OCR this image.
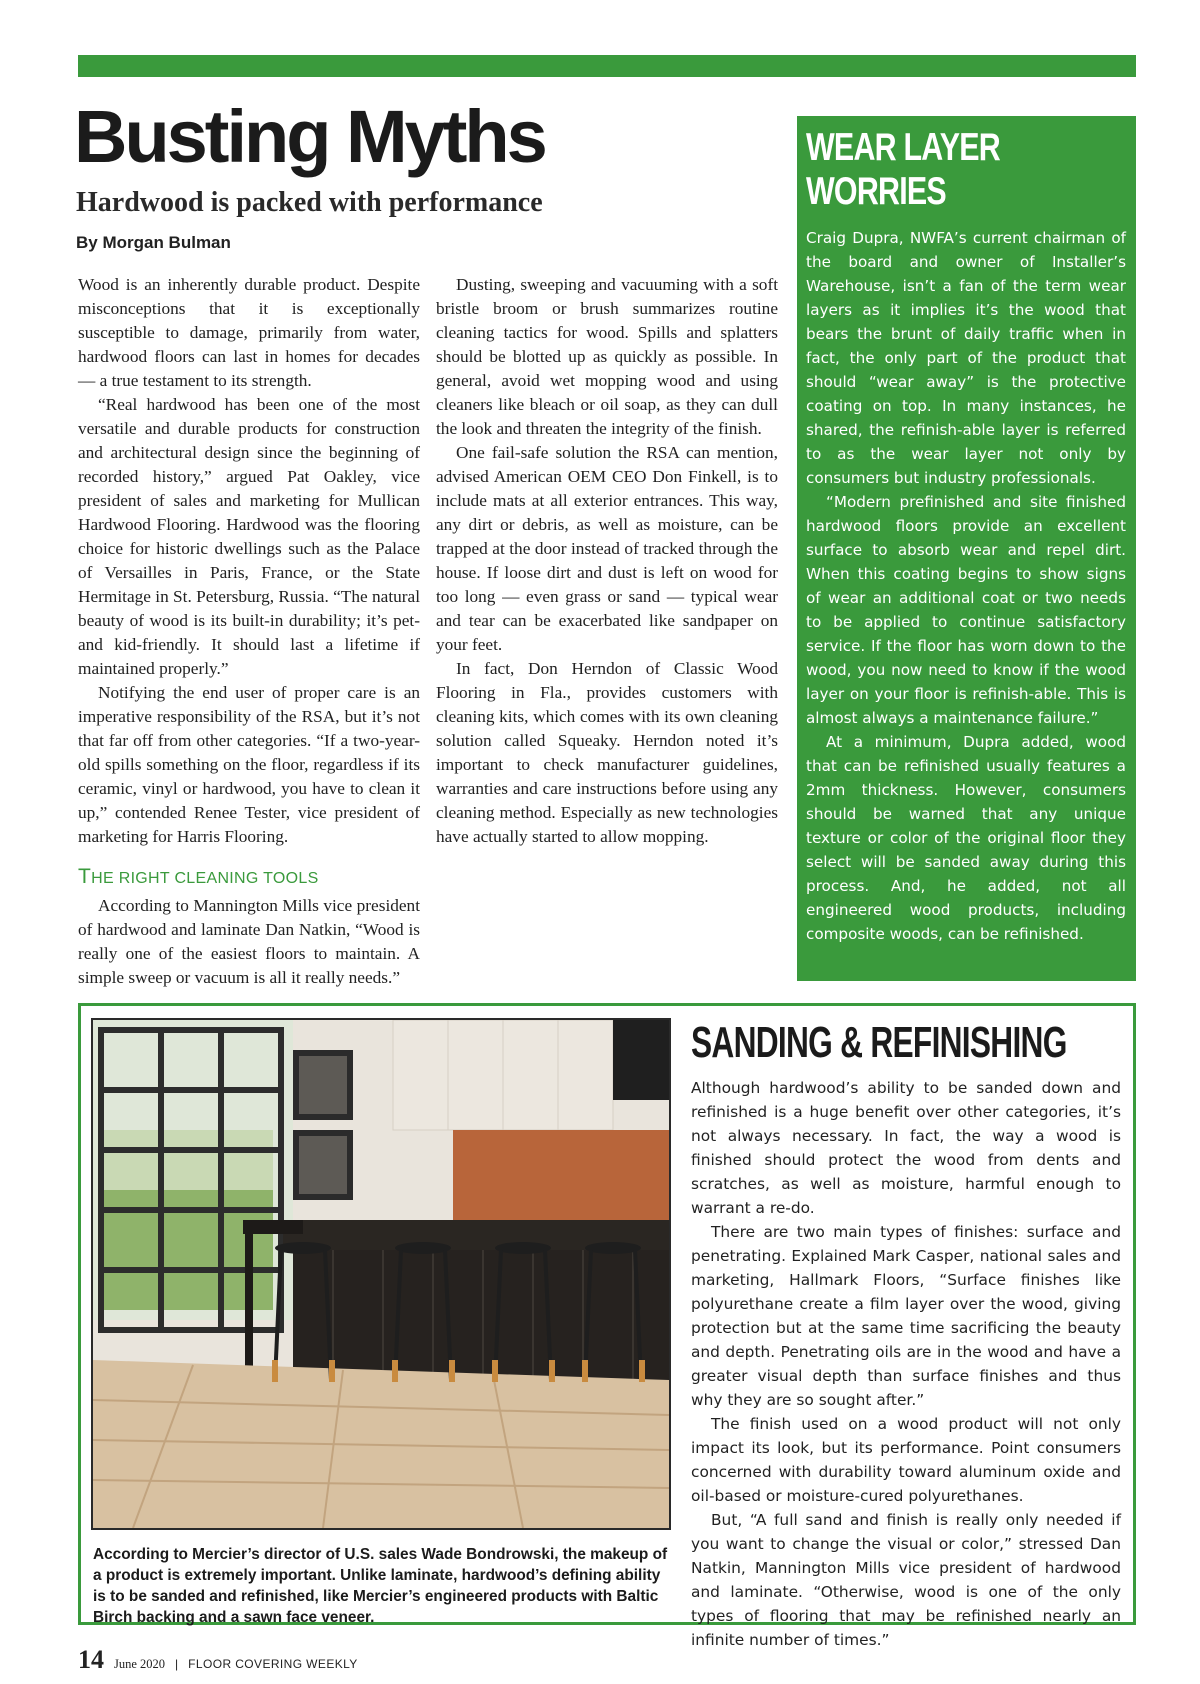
Busting Myths
Hardwood is packed with performance
By Morgan Bulman

Wood is an inherently durable product. Despite misconceptions that it is exceptionally susceptible to damage, primarily from water, hardwood floors can last in homes for decades — a true testament to its strength.

“Real hardwood has been one of the most versatile and durable products for construction and architectural design since the beginning of recorded history,” argued Pat Oakley, vice president of sales and marketing for Mullican Hardwood Flooring. Hardwood was the flooring choice for historic dwellings such as the Palace of Versailles in Paris, France, or the State Hermitage in St. Petersburg, Russia. “The natural beauty of wood is its built-in durability; it’s pet- and kid-friendly. It should last a lifetime if maintained properly.”

Notifying the end user of proper care is an imperative responsibility of the RSA, but it’s not that far off from other categories. “If a two-year-old spills something on the floor, regardless if its ceramic, vinyl or hardwood, you have to clean it up,” contended Renee Tester, vice president of marketing for Harris Flooring.

THE RIGHT CLEANING TOOLS

According to Mannington Mills vice president of hardwood and laminate Dan Natkin, “Wood is really one of the easiest floors to maintain. A simple sweep or vacuum is all it really needs.”

Dusting, sweeping and vacuuming with a soft bristle broom or brush summarizes routine cleaning tactics for wood. Spills and splatters should be blotted up as quickly as possible. In general, avoid wet mopping wood and using cleaners like bleach or oil soap, as they can dull the look and threaten the integrity of the finish.

One fail-safe solution the RSA can mention, advised American OEM CEO Don Finkell, is to include mats at all exterior entrances. This way, any dirt or debris, as well as moisture, can be trapped at the door instead of tracked through the house. If loose dirt and dust is left on wood for too long — even grass or sand — typical wear and tear can be exacerbated like sandpaper on your feet.

In fact, Don Herndon of Classic Wood Flooring in Fla., provides customers with cleaning kits, which comes with its own cleaning solution called Squeaky. Herndon noted it’s important to check manufacturer guidelines, warranties and care instructions before using any cleaning method. Especially as new technologies have actually started to allow mopping.

WEAR LAYER WORRIES

Craig Dupra, NWFA’s current chairman of the board and owner of Installer’s Warehouse, isn’t a fan of the term wear layers as it implies it’s the wood that bears the brunt of daily traffic when in fact, the only part of the product that should “wear away” is the protective coating on top. In many instances, he shared, the refinish-able layer is referred to as the wear layer not only by consumers but industry professionals.

“Modern prefinished and site finished hardwood floors provide an excellent surface to absorb wear and repel dirt. When this coating begins to show signs of wear an additional coat or two needs to be applied to continue satisfactory service. If the floor has worn down to the wood, you now need to know if the wood layer on your floor is refinish-able. This is almost always a maintenance failure.”

At a minimum, Dupra added, wood that can be refinished usually features a 2mm thickness. However, consumers should be warned that any unique texture or color of the original floor they select will be sanded away during this process. And, he added, not all engineered wood products, including composite woods, can be refinished.

According to Mercier’s director of U.S. sales Wade Bondrowski, the makeup of a product is extremely important. Unlike laminate, hardwood’s defining ability is to be sanded and refinished, like Mercier’s engineered products with Baltic Birch backing and a sawn face veneer.
SANDING & REFINISHING

Although hardwood’s ability to be sanded down and refinished is a huge benefit over other categories, it’s not always necessary. In fact, the way a wood is finished should protect the wood from dents and scratches, as well as moisture, harmful enough to warrant a re-do.

There are two main types of finishes: surface and penetrating. Explained Mark Casper, national sales and marketing, Hallmark Floors, “Surface finishes like polyurethane create a film layer over the wood, giving protection but at the same time sacrificing the beauty and depth. Penetrating oils are in the wood and have a greater visual depth than surface finishes and thus why they are so sought after.”

The finish used on a wood product will not only impact its look, but its performance. Point consumers concerned with durability toward aluminum oxide and oil-based or moisture-cured polyurethanes.

But, “A full sand and finish is really only needed if you want to change the visual or color,” stressed Dan Natkin, Mannington Mills vice president of hardwood and laminate. “Otherwise, wood is one of the only types of flooring that may be refinished nearly an infinite number of times.”

14 June 2020 | FLOOR COVERING WEEKLY
